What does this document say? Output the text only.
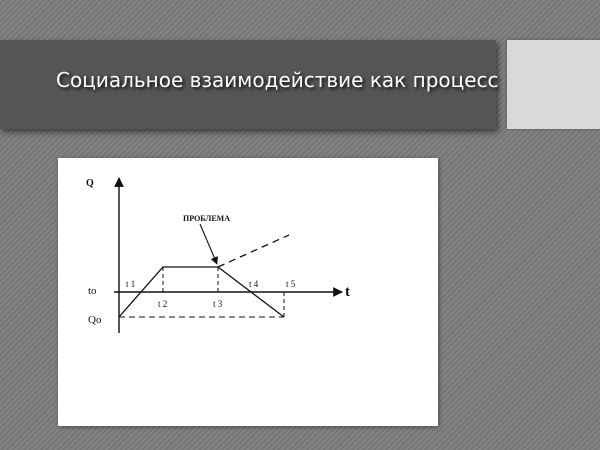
Социальное взаимодействие как процесс
Q
t
to
Qo
ПРОБЛЕМА
t 1
t 2	t 3
t 4	t 5
